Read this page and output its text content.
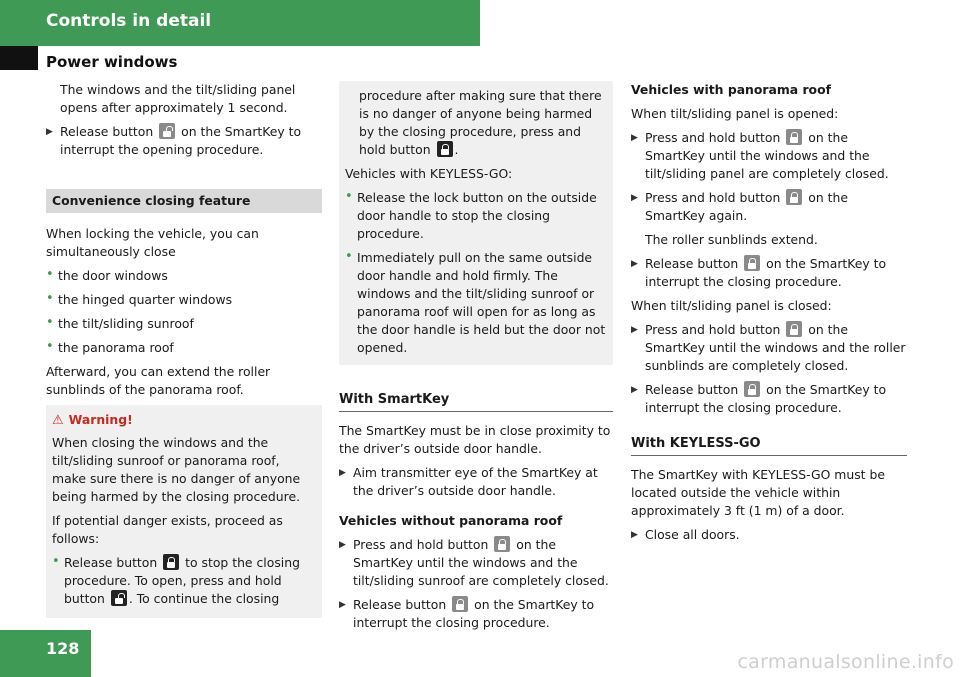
Controls in detail
Power windows

The windows and the tilt/sliding panel opens after approximately 1 second.

▶ Release button on the SmartKey to interrupt the opening procedure.
Convenience closing feature

When locking the vehicle, you can simultaneously close

• the door windows
• the hinged quarter windows
• the tilt/sliding sunroof
• the panorama roof

Afterward, you can extend the roller sunblinds of the panorama roof.

⚠ Warning!

When closing the windows and the tilt/sliding sunroof or panorama roof, make sure there is no danger of anyone being harmed by the closing procedure.

If potential danger exists, proceed as follows:

• Release button to stop the closing procedure. To open, press and hold button . To continue the closing

procedure after making sure that there is no danger of anyone being harmed by the closing procedure, press and hold button .

Vehicles with KEYLESS-GO:

• Release the lock button on the outside door handle to stop the closing procedure.
• Immediately pull on the same outside door handle and hold firmly. The windows and the tilt/sliding sunroof or panorama roof will open for as long as the door handle is held but the door not opened.
With SmartKey

The SmartKey must be in close proximity to the driver’s outside door handle.

▶ Aim transmitter eye of the SmartKey at the driver’s outside door handle.

Vehicles without panorama roof

▶ Press and hold button on the SmartKey until the windows and the tilt/sliding sunroof are completely closed.
▶ Release button on the SmartKey to interrupt the closing procedure.

Vehicles with panorama roof

When tilt/sliding panel is opened:

▶ Press and hold button on the SmartKey until the windows and the tilt/sliding panel are completely closed.
▶ Press and hold button on the SmartKey again.

The roller sunblinds extend.

▶ Release button on the SmartKey to interrupt the closing procedure.

When tilt/sliding panel is closed:

▶ Press and hold button on the SmartKey until the windows and the roller sunblinds are completely closed.
▶ Release button on the SmartKey to interrupt the closing procedure.
With KEYLESS-GO

The SmartKey with KEYLESS-GO must be located outside the vehicle within approximately 3 ft (1 m) of a door.

▶ Close all doors.
128
carmanualsonline.info
